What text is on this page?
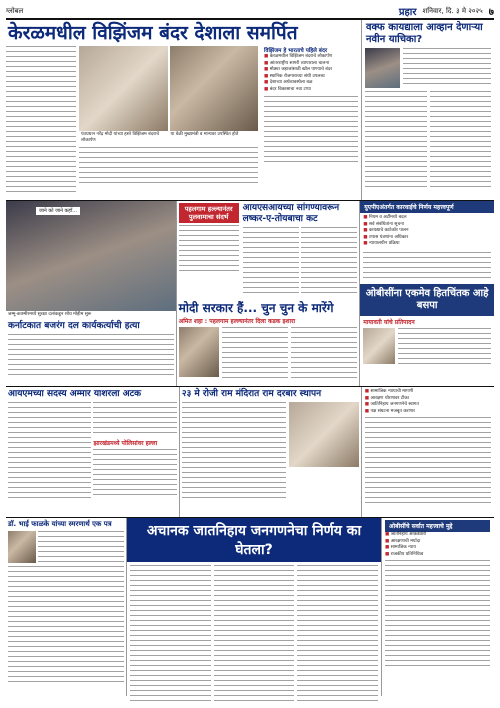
ग्लोबल	प्रहार शनिवार, दि. ३ मे २०२५ ७
केरळमधील विझिंजम बंदर देशाला समर्पित
पंतप्रधान नरेंद्र मोदी यांच्या हस्ते विझिंजम बंदराचे लोकार्पण
या वेळी मुख्यमंत्री व मान्यवर उपस्थित होते
विझिंजम हे भारताचे पहिले बंदर
■ केरळमधील विझिंजम बंदराचे लोकार्पण
■ आंतरराष्ट्रीय सागरी व्यापाराला चालना
■ मोठ्या जहाजांसाठी खोल पाण्याचे बंदर
■ स्थानिक रोजगाराच्या संधी उपलब्ध
■ देशाच्या अर्थव्यवस्थेला बळ
■ बंदर विकासाचा नवा टप्पा
वक्फ कायद्याला आव्हान देणाऱ्या नवीन याचिका?
जाने को जाने कहाँ...
जम्मू-काश्मीरमध्ये सुरक्षा दलांकडून शोध मोहीम सुरू
कर्नाटकात बजरंग दल कार्यकर्त्याची हत्या
पहलगाम हल्ल्यानंतर पुलवामाचा संदर्भ
आयएसआयच्या सांगण्यावरून लष्कर-ए-तोयबाचा कट
मोदी सरकार हैं... चुन चुन के मारेंगे
अमित शहा : पहलगाम हल्ल्यानंतर दिला कडक इशारा
युएपीएअंतर्गत कारवाईचे निर्णय महत्त्वपूर्ण
■ नियम व अटींमध्ये बदल
■ सर्व संबंधितांना सूचना
■ कायद्याचे काटेकोर पालन
■ तपास यंत्रणांना अधिकार
■ न्यायालयीन प्रक्रिया
ओबीसींना एकमेव हितचिंतक आहे बसपा
मायावती यांचे प्रतिपादन
आयएमच्या सदस्य अम्मार याशरला अटक
झारखंडमध्ये पोलिसांवर हल्ला
२३ मे रोजी राम मंदिरात राम दरबार स्थापन
■	सामाजिक न्यायाची मागणी
■ आरक्षण धोरणावर टीका
■ जातिनिहाय जनगणनेचे स्वागत
■ पक्ष संघटना मजबूत करणार
डॉ. भाई फाळके यांच्या स्मरणार्थ एक पत्र	अचानक जातनिहाय जनगणनेचा निर्णय का घेतला?
ओबीसींचे सर्वात महत्त्वाचे मुद्दे
■ जातनिहाय आकडेवारी
■ आरक्षणाची मर्यादा
■ सामाजिक न्याय
■ राजकीय प्रतिनिधित्व
